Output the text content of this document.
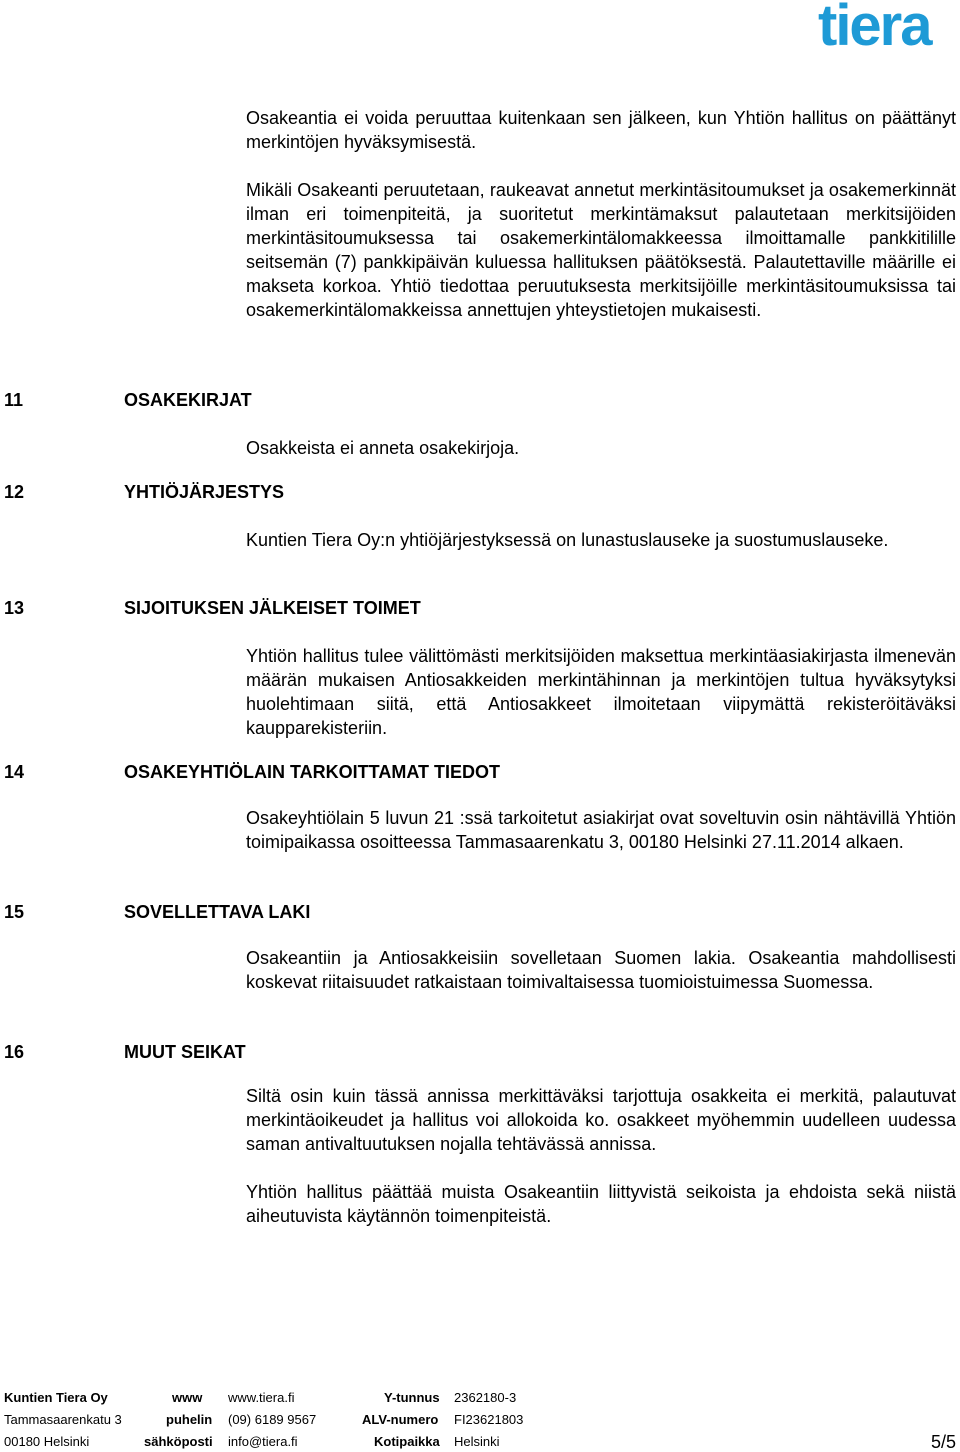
tiera

Osakeantia ei voida peruuttaa kuitenkaan sen jälkeen, kun Yhtiön hallitus on päättänyt merkintöjen hyväksymisestä.

Mikäli Osakeanti peruutetaan, raukeavat annetut merkintäsitoumukset ja osakemerkinnät ilman eri toimenpiteitä, ja suoritetut merkintämaksut palautetaan merkitsijöiden merkintäsitoumuksessa tai osakemerkintälomakkeessa ilmoittamalle pankkitilille seitsemän (7) pankkipäivän kuluessa hallituksen päätöksestä. Palautettaville määrille ei makseta korkoa. Yhtiö tiedottaa peruutuksesta merkitsijöille merkintäsitoumuksissa tai osakemerkintälomakkeissa annettujen yhteystietojen mukaisesti.

11	OSAKEKIRJAT

Osakkeista ei anneta osakekirjoja.

12	YHTIÖJÄRJESTYS

Kuntien Tiera Oy:n yhtiöjärjestyksessä on lunastuslauseke ja suostumuslauseke.

13	SIJOITUKSEN JÄLKEISET TOIMET

Yhtiön hallitus tulee välittömästi merkitsijöiden maksettua merkintäasiakirjasta ilmenevän määrän mukaisen Antiosakkeiden merkintähinnan ja merkintöjen tultua hyväksytyksi huolehtimaan siitä, että Antiosakkeet ilmoitetaan viipymättä rekisteröitäväksi kaupparekisteriin.

14	OSAKEYHTIÖLAIN TARKOITTAMAT TIEDOT

Osakeyhtiölain 5 luvun 21 :ssä tarkoitetut asiakirjat ovat soveltuvin osin nähtävillä Yhtiön toimipaikassa osoitteessa Tammasaarenkatu 3, 00180 Helsinki 27.11.2014 alkaen.

15	SOVELLETTAVA LAKI

Osakeantiin ja Antiosakkeisiin sovelletaan Suomen lakia. Osakeantia mahdollisesti koskevat riitaisuudet ratkaistaan toimivaltaisessa tuomioistuimessa Suomessa.

16	MUUT SEIKAT

Siltä osin kuin tässä annissa merkittäväksi tarjottuja osakkeita ei merkitä, palautuvat merkintäoikeudet ja hallitus voi allokoida ko. osakkeet myöhemmin uudelleen uudessa saman antivaltuutuksen nojalla tehtävässä annissa.

Yhtiön hallitus päättää muista Osakeantiin liittyvistä seikoista ja ehdoista sekä niistä aiheutuvista käytännön toimenpiteistä.

Kuntien Tiera Oy	www www.tiera.fi	Y-tunnus 2362180-3
Tammasaarenkatu 3	puhelin (09) 6189 9567	ALV-numero FI23621803
00180 Helsinki	sähköposti info@tiera.fi	Kotipaikka Helsinki	5/5
